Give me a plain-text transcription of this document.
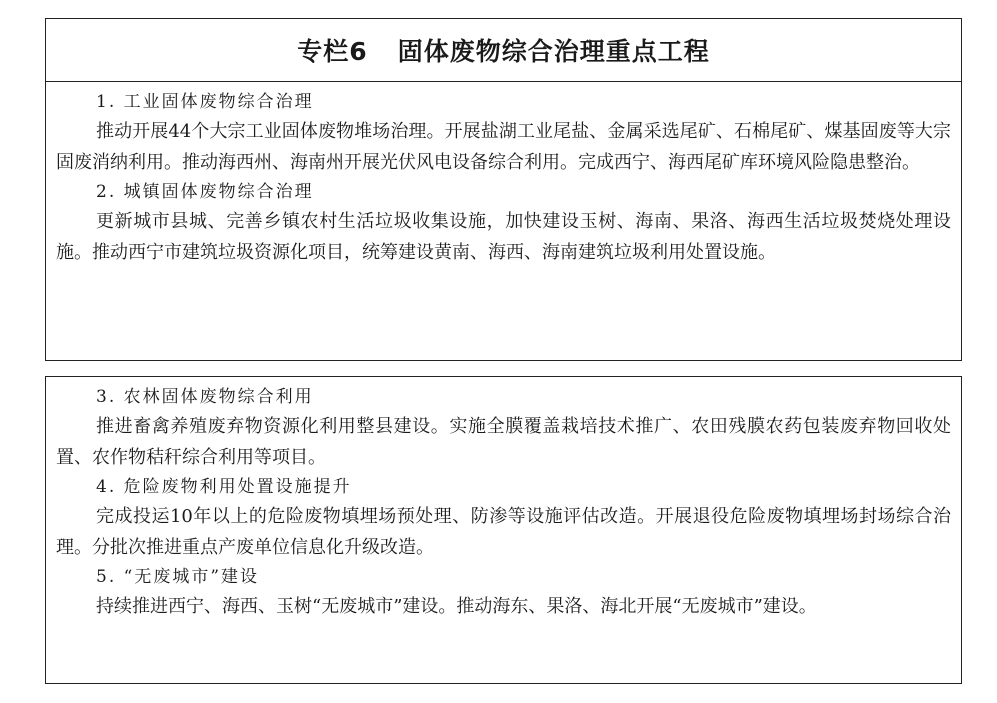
专栏6 固体废物综合治理重点工程
1. 工业固体废物综合治理
推动开展44个大宗工业固体废物堆场治理。开展盐湖工业尾盐、金属采选尾矿、石棉尾矿、煤基固废等大宗固废消纳利用。推动海西州、海南州开展光伏风电设备综合利用。完成西宁、海西尾矿库环境风险隐患整治。
2. 城镇固体废物综合治理
更新城市县城、完善乡镇农村生活垃圾收集设施，加快建设玉树、海南、果洛、海西生活垃圾焚烧处理设施。推动西宁市建筑垃圾资源化项目，统筹建设黄南、海西、海南建筑垃圾利用处置设施。
3. 农林固体废物综合利用
推进畜禽养殖废弃物资源化利用整县建设。实施全膜覆盖栽培技术推广、农田残膜农药包装废弃物回收处置、农作物秸秆综合利用等项目。
4. 危险废物利用处置设施提升
完成投运10年以上的危险废物填埋场预处理、防渗等设施评估改造。开展退役危险废物填埋场封场综合治理。分批次推进重点产废单位信息化升级改造。
5. “无废城市”建设
持续推进西宁、海西、玉树“无废城市”建设。推动海东、果洛、海北开展“无废城市”建设。
